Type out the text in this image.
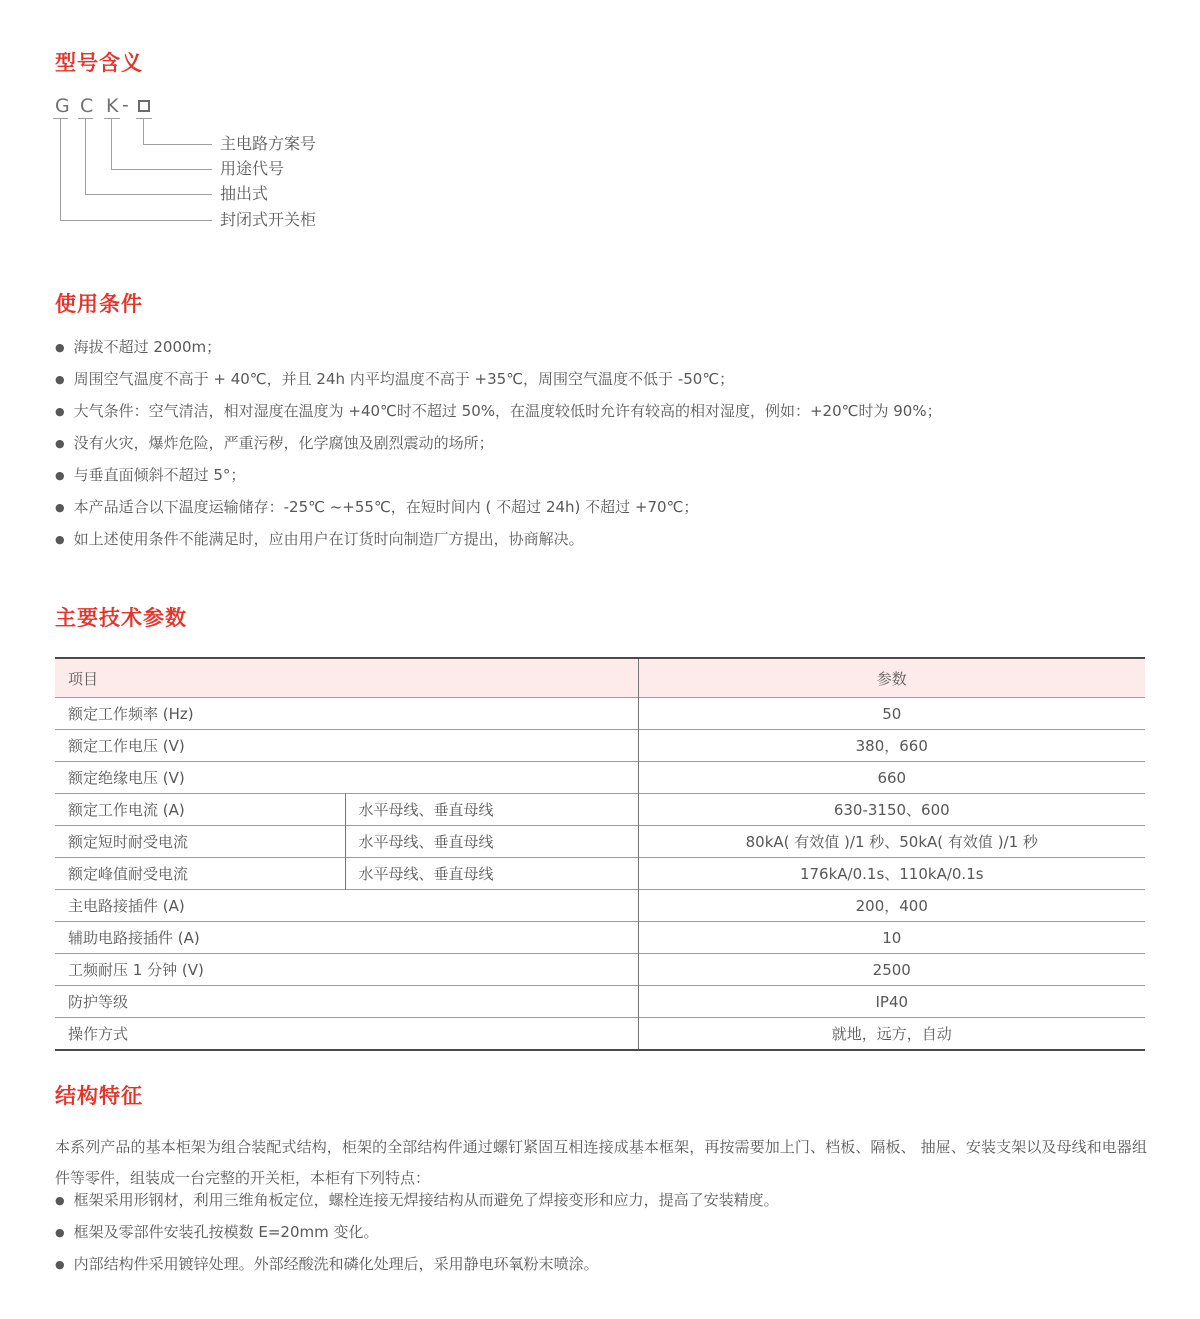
型号含义
G C K -
主电路方案号
用途代号
抽出式
封闭式开关柜
使用条件
● 海拔不超过 2000m；
● 周围空气温度不高于 + 40℃，并且 24h 内平均温度不高于 +35℃，周围空气温度不低于 -50℃；
● 大气条件：空气清洁，相对湿度在温度为 +40℃时不超过 50%，在温度较低时允许有较高的相对湿度，例如：+20℃时为 90%；
● 没有火灾，爆炸危险，严重污秽，化学腐蚀及剧烈震动的场所；
● 与垂直面倾斜不超过 5°；
● 本产品适合以下温度运输储存：-25℃ ~+55℃，在短时间内 ( 不超过 24h) 不超过 +70℃；
● 如上述使用条件不能满足时，应由用户在订货时向制造厂方提出，协商解决。
主要技术参数
项目		参数
额定工作频率 (Hz)		50
额定工作电压 (V)		380，660
额定绝缘电压 (V)		660
额定工作电流 (A)	水平母线、垂直母线	630-3150、600
额定短时耐受电流	水平母线、垂直母线	80kA( 有效值 )/1 秒、50kA( 有效值 )/1 秒
额定峰值耐受电流	水平母线、垂直母线	176kA/0.1s、110kA/0.1s
主电路接插件 (A)		200，400
辅助电路接插件 (A)		10
工频耐压 1 分钟 (V)		2500
防护等级		IP40
操作方式		就地，远方，自动
结构特征
本系列产品的基本柜架为组合装配式结构，柜架的全部结构件通过螺钉紧固互相连接成基本框架，再按需要加上门、档板、隔板、 抽屉、安装支架以及母线和电器组件等零件，组装成一台完整的开关柜，本柜有下列特点：
● 框架采用形钢材，利用三维角板定位，螺栓连接无焊接结构从而避免了焊接变形和应力，提高了安装精度。
● 框架及零部件安装孔按模数 E=20mm 变化。
● 内部结构件采用镀锌处理。外部经酸洗和磷化处理后，采用静电环氧粉末喷涂。
